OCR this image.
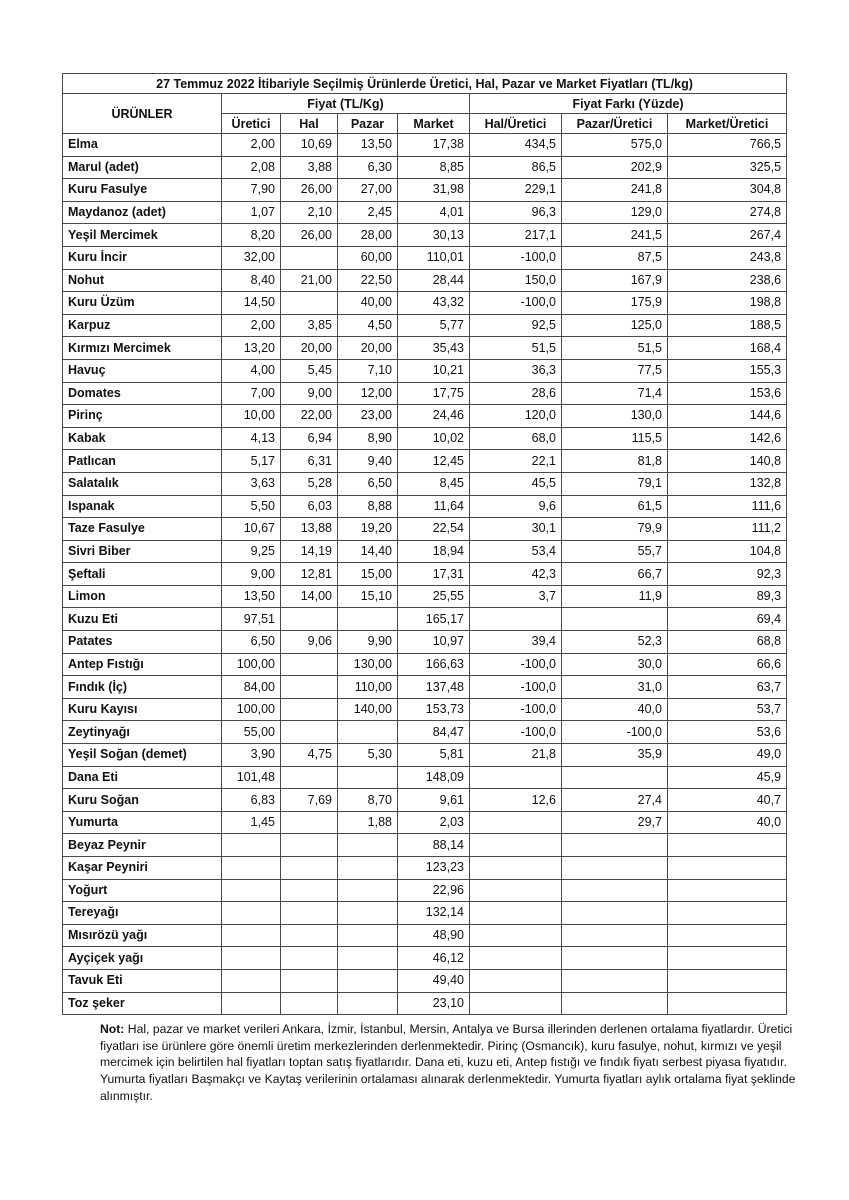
27 Temmuz 2022 İtibariyle Seçilmiş Ürünlerde Üretici, Hal, Pazar ve Market Fiyatları (TL/kg)							
ÜRÜNLER	Fiyat (TL/Kg)				Fiyat Farkı (Yüzde)		
	Üretici	Hal	Pazar	Market	Hal/Üretici	Pazar/Üretici	Market/Üretici
Elma	2,00	10,69	13,50	17,38	434,5	575,0	766,5
Marul (adet)	2,08	3,88	6,30	8,85	86,5	202,9	325,5
Kuru Fasulye	7,90	26,00	27,00	31,98	229,1	241,8	304,8
Maydanoz (adet)	1,07	2,10	2,45	4,01	96,3	129,0	274,8
Yeşil Mercimek	8,20	26,00	28,00	30,13	217,1	241,5	267,4
Kuru İncir	32,00		60,00	110,01	-100,0	87,5	243,8
Nohut	8,40	21,00	22,50	28,44	150,0	167,9	238,6
Kuru Üzüm	14,50		40,00	43,32	-100,0	175,9	198,8
Karpuz	2,00	3,85	4,50	5,77	92,5	125,0	188,5
Kırmızı Mercimek	13,20	20,00	20,00	35,43	51,5	51,5	168,4
Havuç	4,00	5,45	7,10	10,21	36,3	77,5	155,3
Domates	7,00	9,00	12,00	17,75	28,6	71,4	153,6
Pirinç	10,00	22,00	23,00	24,46	120,0	130,0	144,6
Kabak	4,13	6,94	8,90	10,02	68,0	115,5	142,6
Patlıcan	5,17	6,31	9,40	12,45	22,1	81,8	140,8
Salatalık	3,63	5,28	6,50	8,45	45,5	79,1	132,8
Ispanak	5,50	6,03	8,88	11,64	9,6	61,5	111,6
Taze Fasulye	10,67	13,88	19,20	22,54	30,1	79,9	111,2
Sivri Biber	9,25	14,19	14,40	18,94	53,4	55,7	104,8
Şeftali	9,00	12,81	15,00	17,31	42,3	66,7	92,3
Limon	13,50	14,00	15,10	25,55	3,7	11,9	89,3
Kuzu Eti	97,51			165,17			69,4
Patates	6,50	9,06	9,90	10,97	39,4	52,3	68,8
Antep Fıstığı	100,00		130,00	166,63	-100,0	30,0	66,6
Fındık (İç)	84,00		110,00	137,48	-100,0	31,0	63,7
Kuru Kayısı	100,00		140,00	153,73	-100,0	40,0	53,7
Zeytinyağı	55,00			84,47	-100,0	-100,0	53,6
Yeşil Soğan (demet)	3,90	4,75	5,30	5,81	21,8	35,9	49,0
Dana Eti	101,48			148,09			45,9
Kuru Soğan	6,83	7,69	8,70	9,61	12,6	27,4	40,7
Yumurta	1,45		1,88	2,03		29,7	40,0
Beyaz Peynir				88,14			
Kaşar Peyniri				123,23			
Yoğurt				22,96			
Tereyağı				132,14			
Mısırözü yağı				48,90			
Ayçiçek yağı				46,12			
Tavuk Eti				49,40			
Toz şeker				23,10			
Not: Hal, pazar ve market verileri Ankara, İzmir, İstanbul, Mersin, Antalya ve Bursa illerinden derlenen ortalama fiyatlardır. Üretici fiyatları ise ürünlere göre önemli üretim merkezlerinden derlenmektedir. Pirinç (Osmancık), kuru fasulye, nohut, kırmızı ve yeşil mercimek için belirtilen hal fiyatları toptan satış fiyatlarıdır. Dana eti, kuzu eti, Antep fıstığı ve fındık fiyatı serbest piyasa fiyatıdır. Yumurta fiyatları Başmakçı ve Kaytaş verilerinin ortalaması alınarak derlenmektedir. Yumurta fiyatları aylık ortalama fiyat şeklinde alınmıştır.
